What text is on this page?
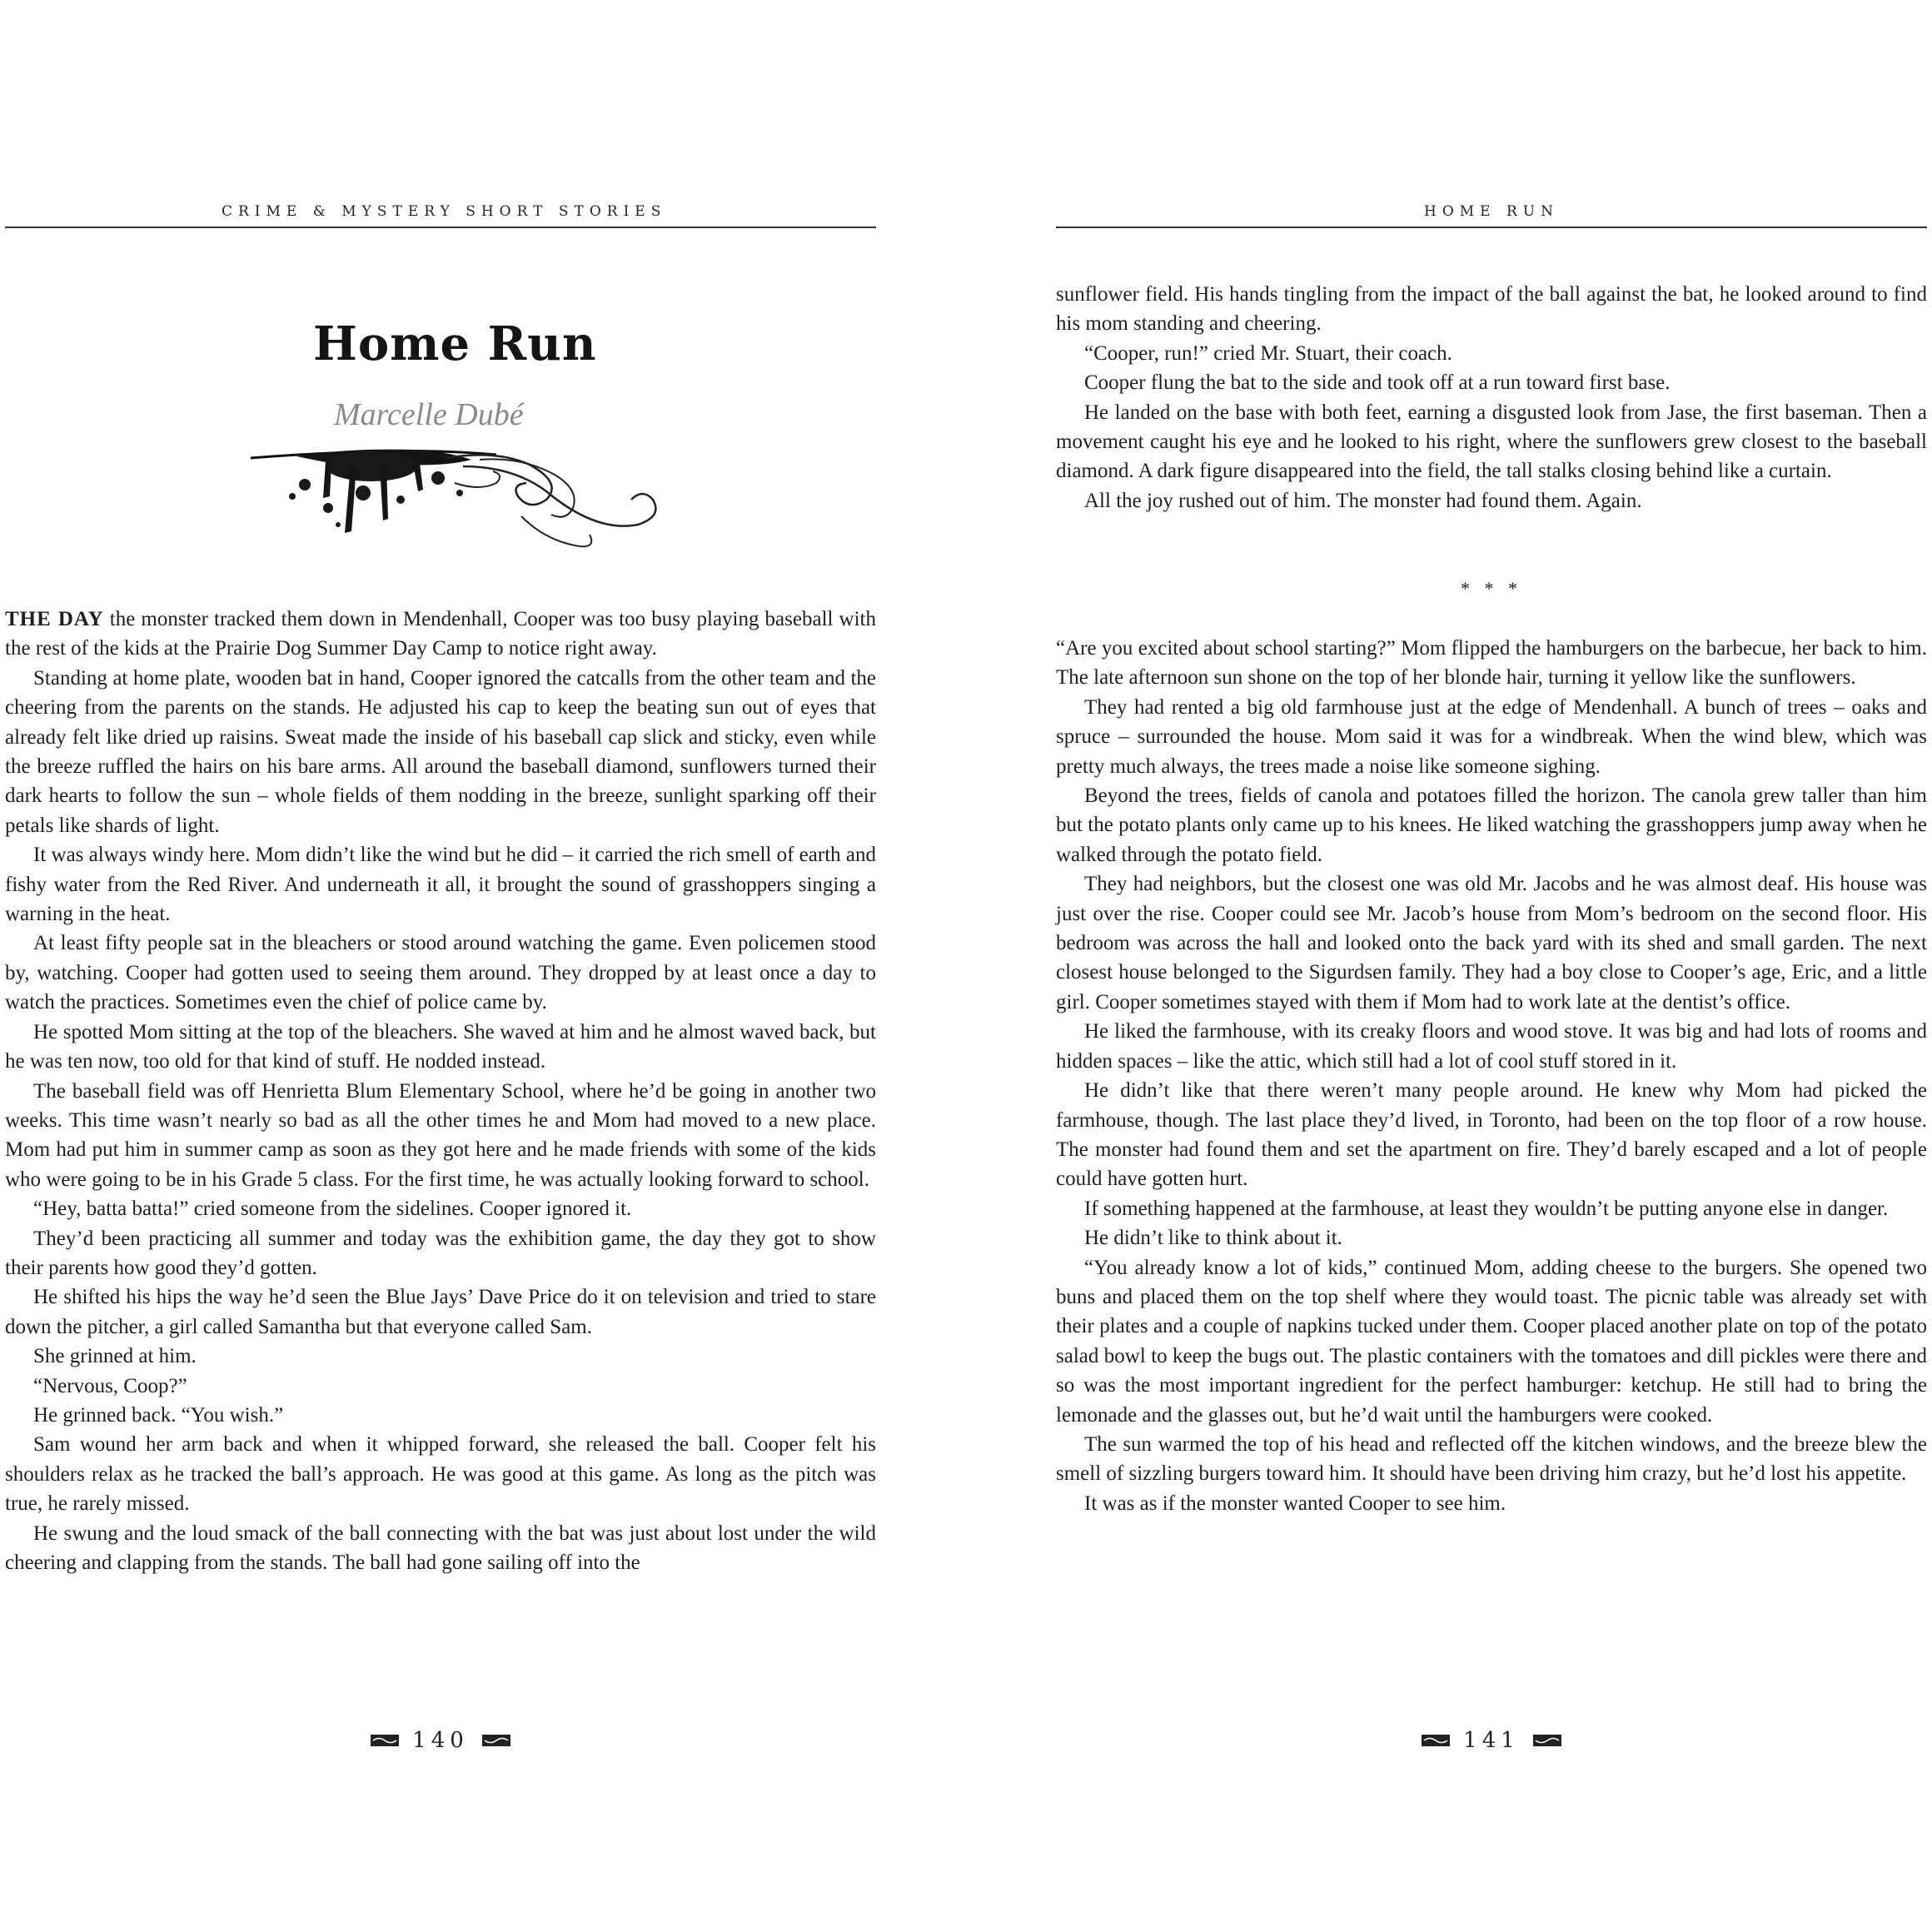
CRIME & MYSTERY SHORT STORIES
Home Run
Marcelle Dubé

THE DAY the monster tracked them down in Mendenhall, Cooper was too busy playing baseball with the rest of the kids at the Prairie Dog Summer Day Camp to notice right away.

Standing at home plate, wooden bat in hand, Cooper ignored the catcalls from the other team and the cheering from the parents on the stands. He adjusted his cap to keep the beating sun out of eyes that already felt like dried up raisins. Sweat made the inside of his baseball cap slick and sticky, even while the breeze ruffled the hairs on his bare arms. All around the baseball diamond, sunflowers turned their dark hearts to follow the sun – whole fields of them nodding in the breeze, sunlight sparking off their petals like shards of light.

It was always windy here. Mom didn’t like the wind but he did – it carried the rich smell of earth and fishy water from the Red River. And underneath it all, it brought the sound of grasshoppers singing a warning in the heat.

At least fifty people sat in the bleachers or stood around watching the game. Even policemen stood by, watching. Cooper had gotten used to seeing them around. They dropped by at least once a day to watch the practices. Sometimes even the chief of police came by.

He spotted Mom sitting at the top of the bleachers. She waved at him and he almost waved back, but he was ten now, too old for that kind of stuff. He nodded instead.

The baseball field was off Henrietta Blum Elementary School, where he’d be going in another two weeks. This time wasn’t nearly so bad as all the other times he and Mom had moved to a new place. Mom had put him in summer camp as soon as they got here and he made friends with some of the kids who were going to be in his Grade 5 class. For the first time, he was actually looking forward to school.

“Hey, batta batta!” cried someone from the sidelines. Cooper ignored it.

They’d been practicing all summer and today was the exhibition game, the day they got to show their parents how good they’d gotten.

He shifted his hips the way he’d seen the Blue Jays’ Dave Price do it on television and tried to stare down the pitcher, a girl called Samantha but that everyone called Sam.

She grinned at him.

“Nervous, Coop?”

He grinned back. “You wish.”

Sam wound her arm back and when it whipped forward, she released the ball. Cooper felt his shoulders relax as he tracked the ball’s approach. He was good at this game. As long as the pitch was true, he rarely missed.

He swung and the loud smack of the ball connecting with the bat was just about lost under the wild cheering and clapping from the stands. The ball had gone sailing off into the

140
HOME RUN

sunflower field. His hands tingling from the impact of the ball against the bat, he looked around to find his mom standing and cheering.

“Cooper, run!” cried Mr. Stuart, their coach.

Cooper flung the bat to the side and took off at a run toward first base.

He landed on the base with both feet, earning a disgusted look from Jase, the first baseman. Then a movement caught his eye and he looked to his right, where the sunflowers grew closest to the baseball diamond. A dark figure disappeared into the field, the tall stalks closing behind like a curtain.

All the joy rushed out of him. The monster had found them. Again.

* * *

“Are you excited about school starting?” Mom flipped the hamburgers on the barbecue, her back to him. The late afternoon sun shone on the top of her blonde hair, turning it yellow like the sunflowers.

They had rented a big old farmhouse just at the edge of Mendenhall. A bunch of trees – oaks and spruce – surrounded the house. Mom said it was for a windbreak. When the wind blew, which was pretty much always, the trees made a noise like someone sighing.

Beyond the trees, fields of canola and potatoes filled the horizon. The canola grew taller than him but the potato plants only came up to his knees. He liked watching the grasshoppers jump away when he walked through the potato field.

They had neighbors, but the closest one was old Mr. Jacobs and he was almost deaf. His house was just over the rise. Cooper could see Mr. Jacob’s house from Mom’s bedroom on the second floor. His bedroom was across the hall and looked onto the back yard with its shed and small garden. The next closest house belonged to the Sigurdsen family. They had a boy close to Cooper’s age, Eric, and a little girl. Cooper sometimes stayed with them if Mom had to work late at the dentist’s office.

He liked the farmhouse, with its creaky floors and wood stove. It was big and had lots of rooms and hidden spaces – like the attic, which still had a lot of cool stuff stored in it.

He didn’t like that there weren’t many people around. He knew why Mom had picked the farmhouse, though. The last place they’d lived, in Toronto, had been on the top floor of a row house. The monster had found them and set the apartment on fire. They’d barely escaped and a lot of people could have gotten hurt.

If something happened at the farmhouse, at least they wouldn’t be putting anyone else in danger.

He didn’t like to think about it.

“You already know a lot of kids,” continued Mom, adding cheese to the burgers. She opened two buns and placed them on the top shelf where they would toast. The picnic table was already set with their plates and a couple of napkins tucked under them. Cooper placed another plate on top of the potato salad bowl to keep the bugs out. The plastic containers with the tomatoes and dill pickles were there and so was the most important ingredient for the perfect hamburger: ketchup. He still had to bring the lemonade and the glasses out, but he’d wait until the hamburgers were cooked.

The sun warmed the top of his head and reflected off the kitchen windows, and the breeze blew the smell of sizzling burgers toward him. It should have been driving him crazy, but he’d lost his appetite.

It was as if the monster wanted Cooper to see him.

141
